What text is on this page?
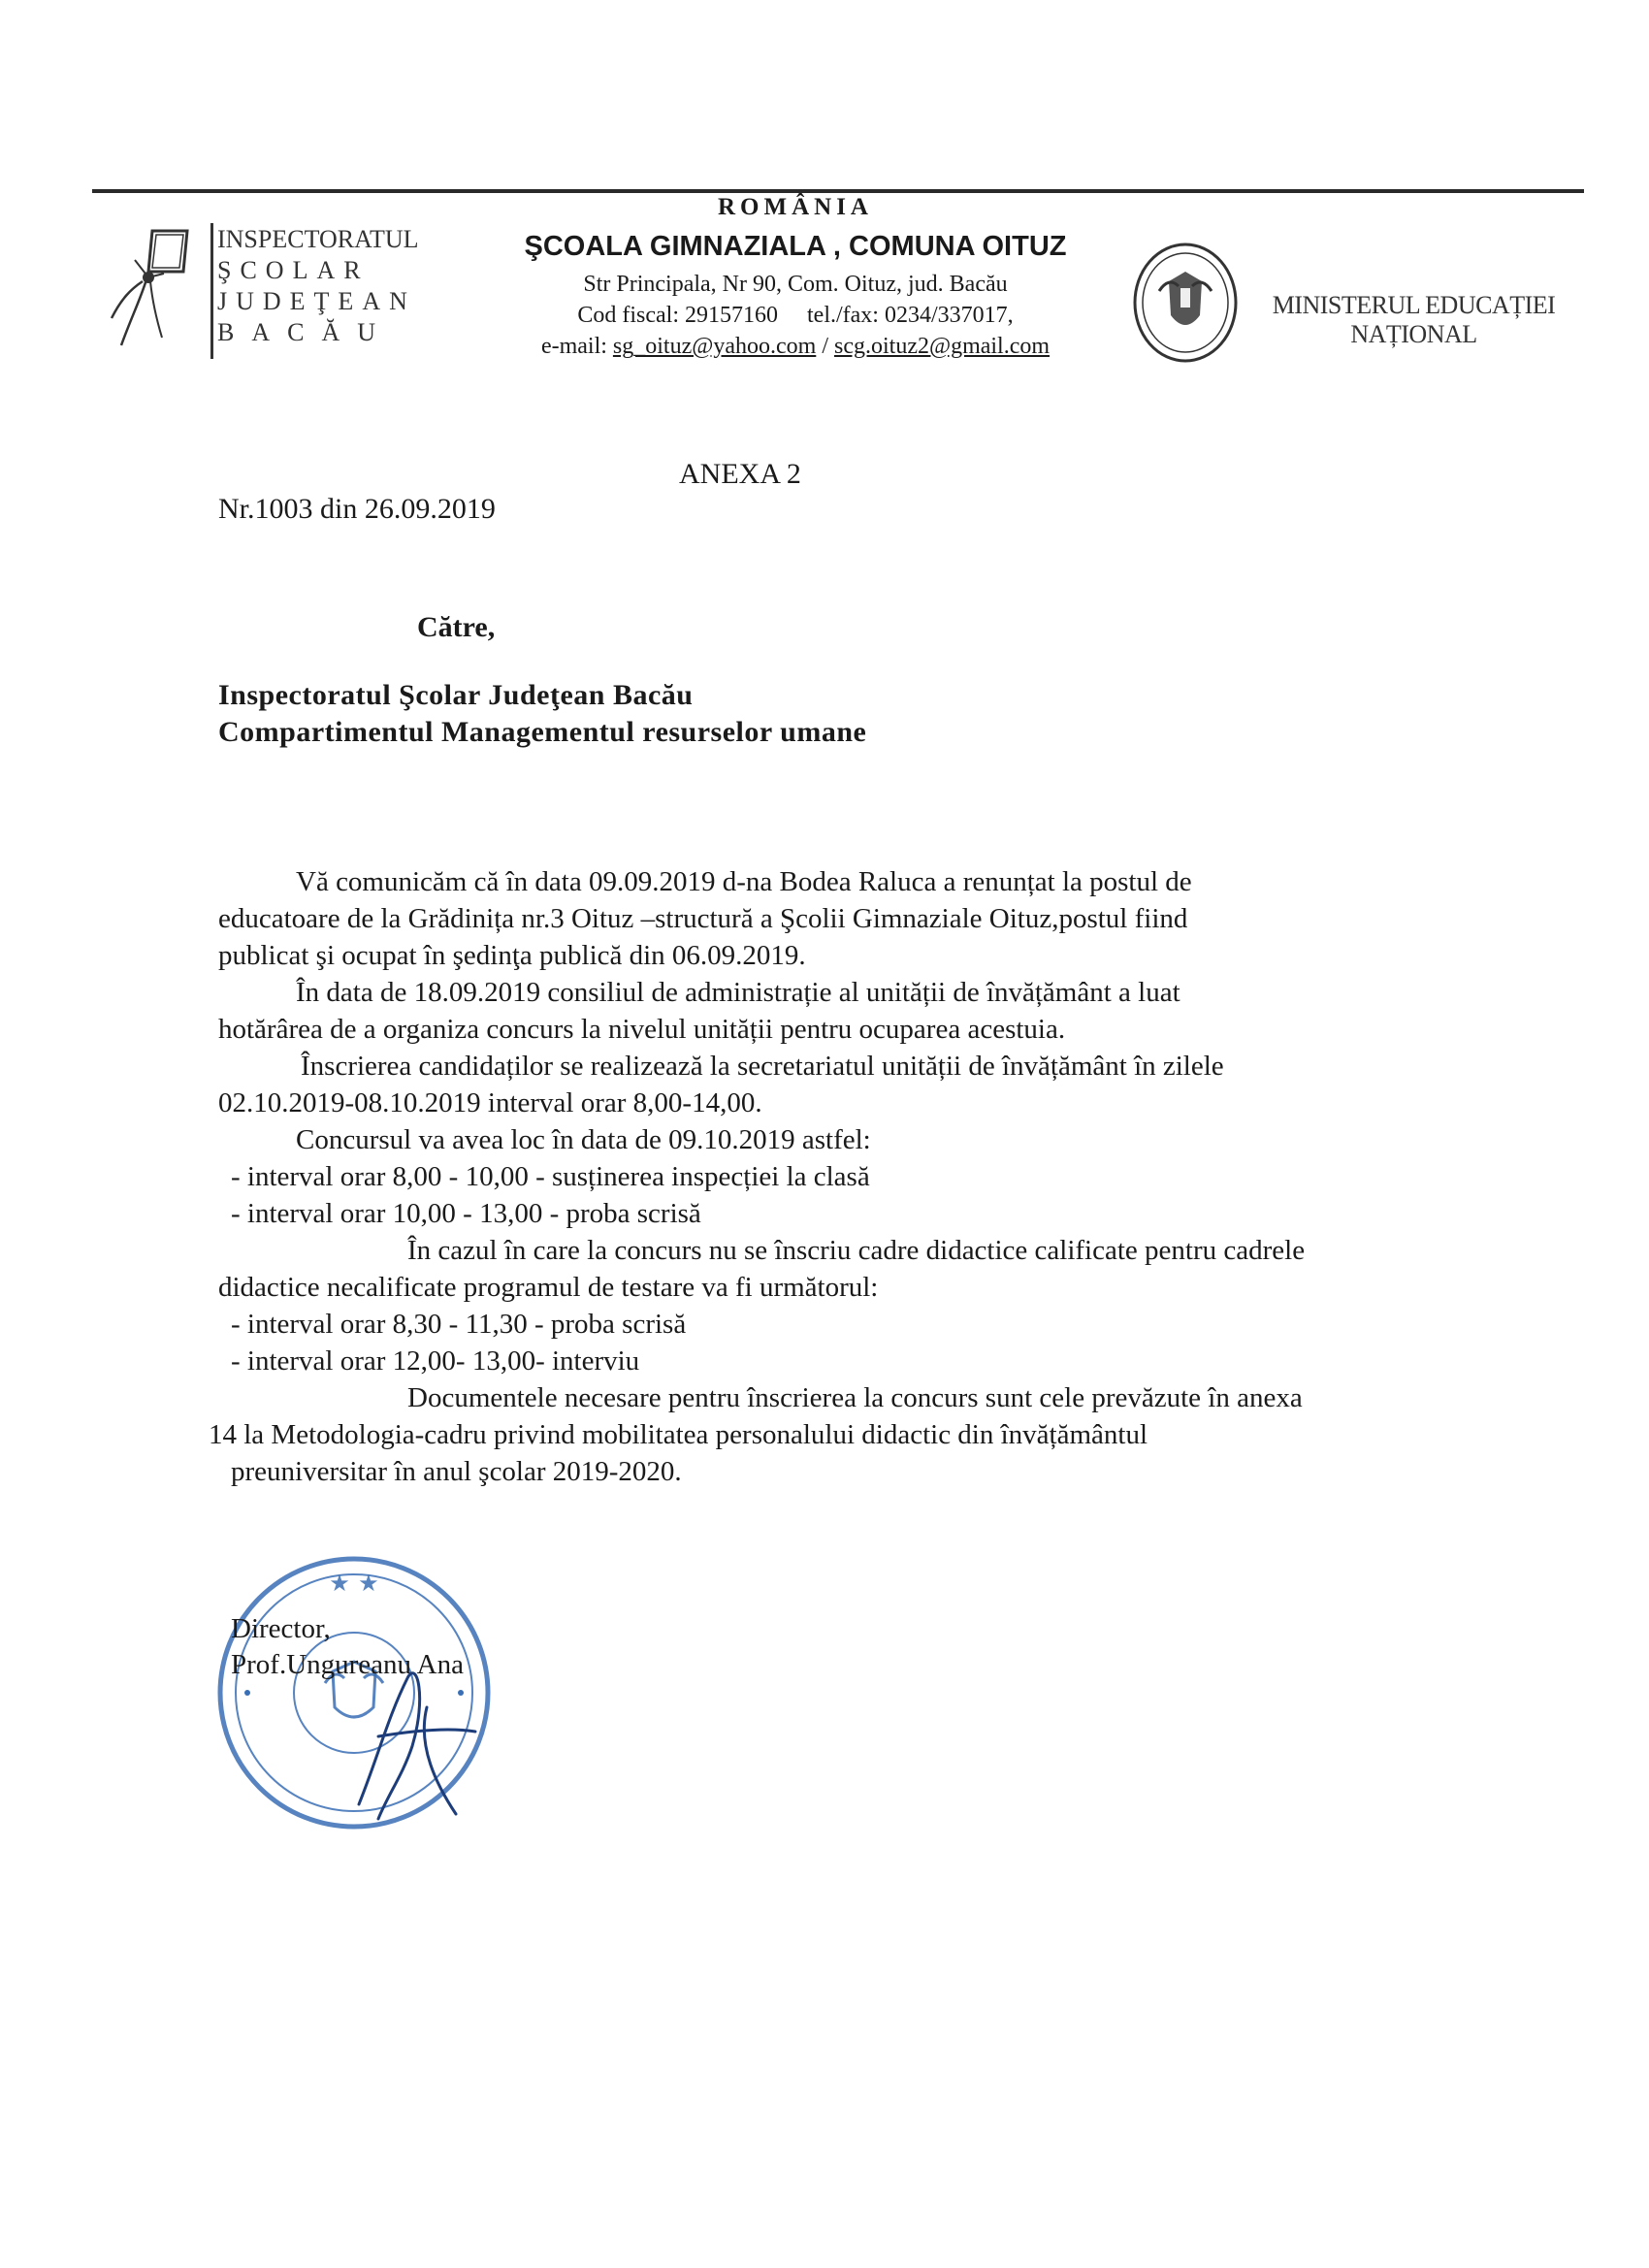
INSPECTORATUL
ŞCOLAR
JUDEŢEAN
BACĂU
ROMÂNIA
ŞCOALA GIMNAZIALA , COMUNA OITUZ
Str Principala, Nr 90, Com. Oituz, jud. Bacău
Cod fiscal: 29157160     tel./fax: 0234/337017,
e-mail: sg_oituz@yahoo.com / scg.oituz2@gmail.com
MINISTERUL EDUCAȚIEI NAȚIONAL
ANEXA 2
Nr.1003 din 26.09.2019
Către,
Inspectoratul Şcolar Judeţean Bacău
Compartimentul Managementul resurselor umane
Vă comunicăm că în data 09.09.2019 d-na Bodea Raluca a renunțat la postul de
educatoare de la Grădinița nr.3 Oituz –structură a Şcolii Gimnaziale Oituz,postul fiind
publicat şi ocupat în şedinţa publică din 06.09.2019.
În data de 18.09.2019 consiliul de administrație al unității de învățământ a luat
hotărârea de a organiza concurs la nivelul unității pentru ocuparea acestuia.
Înscrierea candidaților se realizează la secretariatul unității de învățământ în zilele
02.10.2019-08.10.2019 interval orar 8,00-14,00.
Concursul va avea loc în data de 09.10.2019 astfel:
- interval orar 8,00 - 10,00 - susținerea inspecției la clasă
- interval orar 10,00 - 13,00 - proba scrisă
În cazul în care la concurs nu se înscriu cadre didactice calificate pentru cadrele
didactice necalificate programul de testare va fi următorul:
- interval orar 8,30 - 11,30 - proba scrisă
- interval orar 12,00- 13,00- interviu
Documentele necesare pentru înscrierea la concurs sunt cele prevăzute în anexa
14 la Metodologia-cadru privind mobilitatea personalului didactic din învățământul
preuniversitar în anul şcolar 2019-2020.
★ ★
Director,
Prof.Ungureanu Ana
